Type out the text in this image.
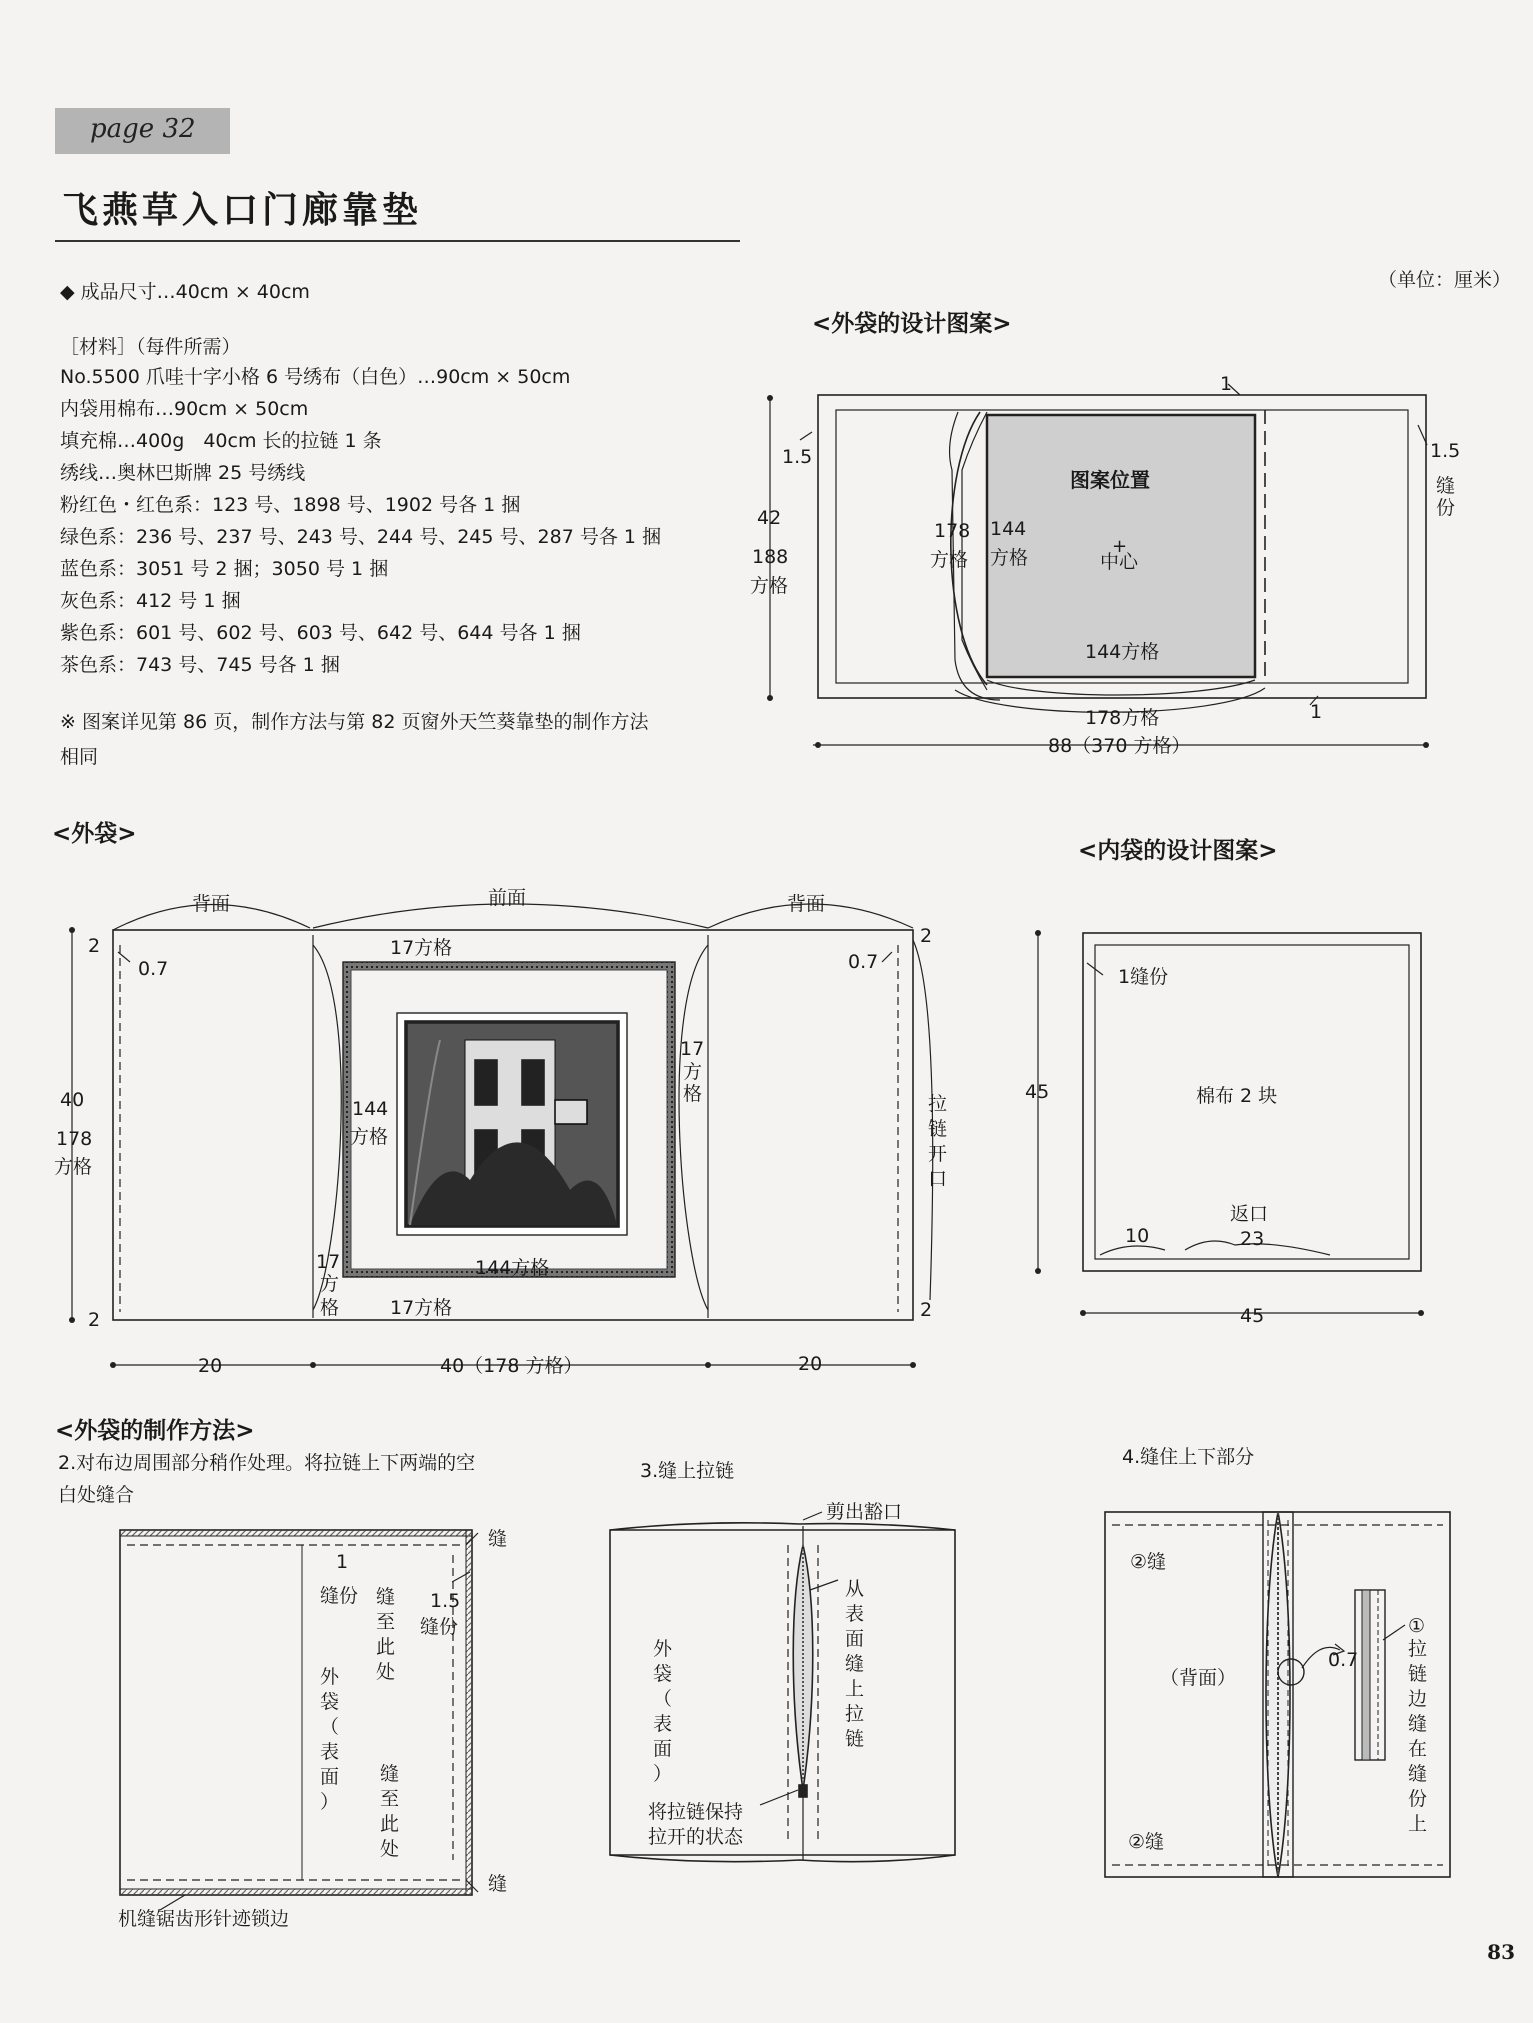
page 32
飞燕草入口门廊靠垫
（单位：厘米）
◆ 成品尺寸…40cm × 40cm
［材料］（每件所需）
No.5500 爪哇十字小格 6 号绣布（白色）…90cm × 50cm
内袋用棉布…90cm × 50cm
填充棉…400g　40cm 长的拉链 1 条
绣线…奥林巴斯牌 25 号绣线
粉红色・红色系：123 号、1898 号、1902 号各 1 捆
绿色系：236 号、237 号、243 号、244 号、245 号、287 号各 1 捆
蓝色系：3051 号 2 捆；3050 号 1 捆
灰色系：412 号 1 捆
紫色系：601 号、602 号、603 号、642 号、644 号各 1 捆
茶色系：743 号、745 号各 1 捆
※ 图案详见第 86 页，制作方法与第 82 页窗外天竺葵靠垫的制作方法
相同
<外袋的设计图案>
<外袋>
<内袋的设计图案>
<外袋的制作方法>
2.对布边周围部分稍作处理。将拉链上下两端的空
白处缝合
3.缝上拉链
4.缝住上下部分
图案位置
+
中心
144
方格
178
方格
144方格
178方格
88（370 方格）
42
188
方格
1.5	1.5
缝
份
1
1
背面	前面	背面
2
0.7
2
0.7
2
2
17方格
17方格
17
方
格
17
方
格
144
方格
144方格
拉
链
开
口
40
178
方格
20	40（178 方格）	20
1缝份
棉布 2 块
返口
10	23
45
45
1
缝份 缝
至
此
处
外
袋
（
表
面
）
缝
至
此
处
1.5
缝份
缝
缝
机缝锯齿形针迹锁边
剪出豁口
从
表
面
缝
上
拉
链
外
袋
（
表
面
）
将拉链保持
拉开的状态
②缝
②缝
（背面）
0.7
①
拉
链
边
缝
在
缝
份
上
83
